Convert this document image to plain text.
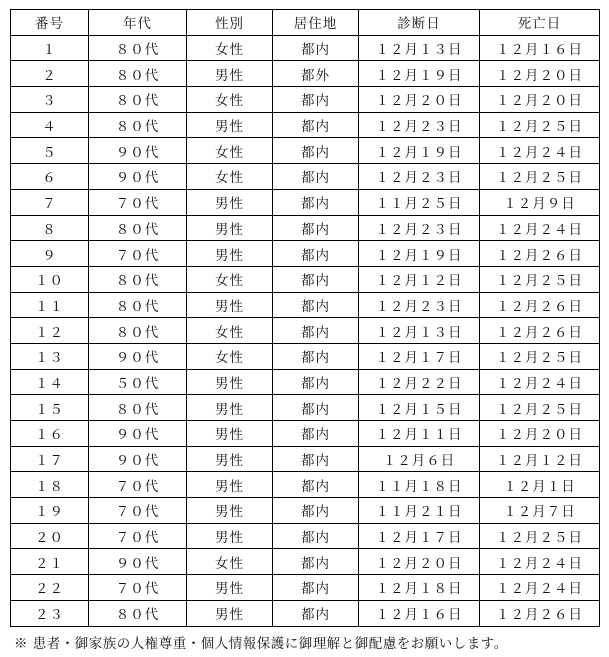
番号	年代	性別	居住地	診断日	死亡日
１	８０代	女性	都内	１２月１３日	１２月１６日
２	８０代	男性	都外	１２月１９日	１２月２０日
３	８０代	女性	都内	１２月２０日	１２月２０日
４	８０代	男性	都内	１２月２３日	１２月２５日
５	９０代	女性	都内	１２月１９日	１２月２４日
６	９０代	女性	都内	１２月２３日	１２月２５日
７	７０代	男性	都内	１１月２５日	１２月９日
８	８０代	男性	都内	１２月２３日	１２月２４日
９	７０代	男性	都内	１２月１９日	１２月２６日
１０	８０代	女性	都内	１２月１２日	１２月２５日
１１	８０代	男性	都内	１２月２３日	１２月２６日
１２	８０代	女性	都内	１２月１３日	１２月２６日
１３	９０代	女性	都内	１２月１７日	１２月２５日
１４	５０代	男性	都内	１２月２２日	１２月２４日
１５	８０代	男性	都内	１２月１５日	１２月２５日
１６	９０代	男性	都内	１２月１１日	１２月２０日
１７	９０代	男性	都内	１２月６日	１２月１２日
１８	７０代	男性	都内	１１月１８日	１２月１日
１９	７０代	男性	都内	１１月２１日	１２月７日
２０	７０代	男性	都内	１２月１７日	１２月２５日
２１	９０代	女性	都内	１２月２０日	１２月２４日
２２	７０代	男性	都内	１２月１８日	１２月２４日
２３	８０代	男性	都内	１２月１６日	１２月２６日
※ 患者・御家族の人権尊重・個人情報保護に御理解と御配慮をお願いします。
